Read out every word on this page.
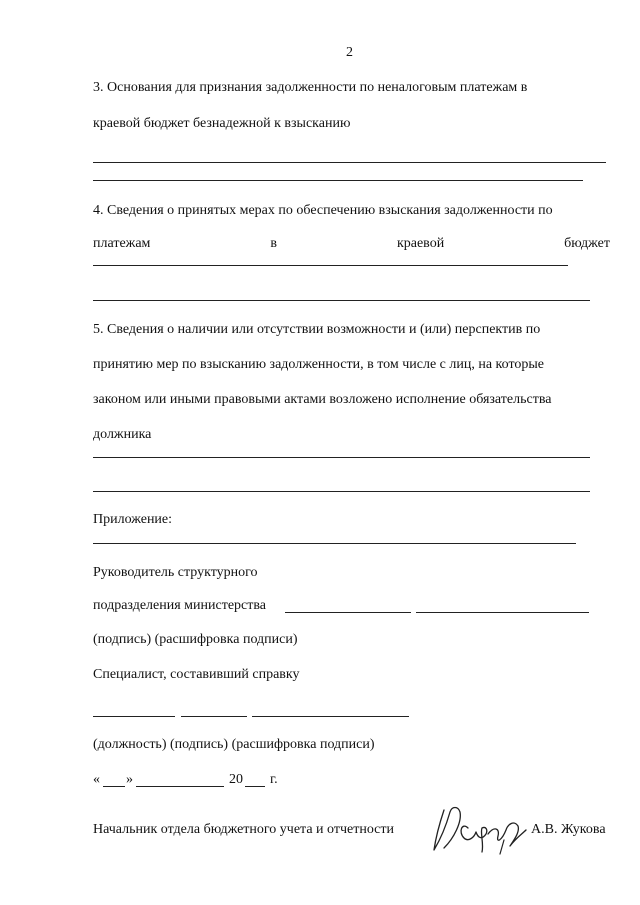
2
3. Основания для признания задолженности по неналоговым платежам в
краевой бюджет безнадежной к взысканию
4. Сведения о принятых мерах по обеспечению взыскания задолженности по
платежам	в	краевой	бюджет
5. Сведения о наличии или отсутствии возможности и (или) перспектив по
принятию мер по взысканию задолженности, в том числе с лиц, на которые
законом или иными правовыми актами возложено исполнение обязательства
должника
Приложение:
Руководитель структурного
подразделения министерства
(подпись) (расшифровка подписи)
Специалист, составивший справку
(должность) (подпись) (расшифровка подписи)
« »	20 г.
Начальник отдела бюджетного учета и отчетности	А.В. Жукова
